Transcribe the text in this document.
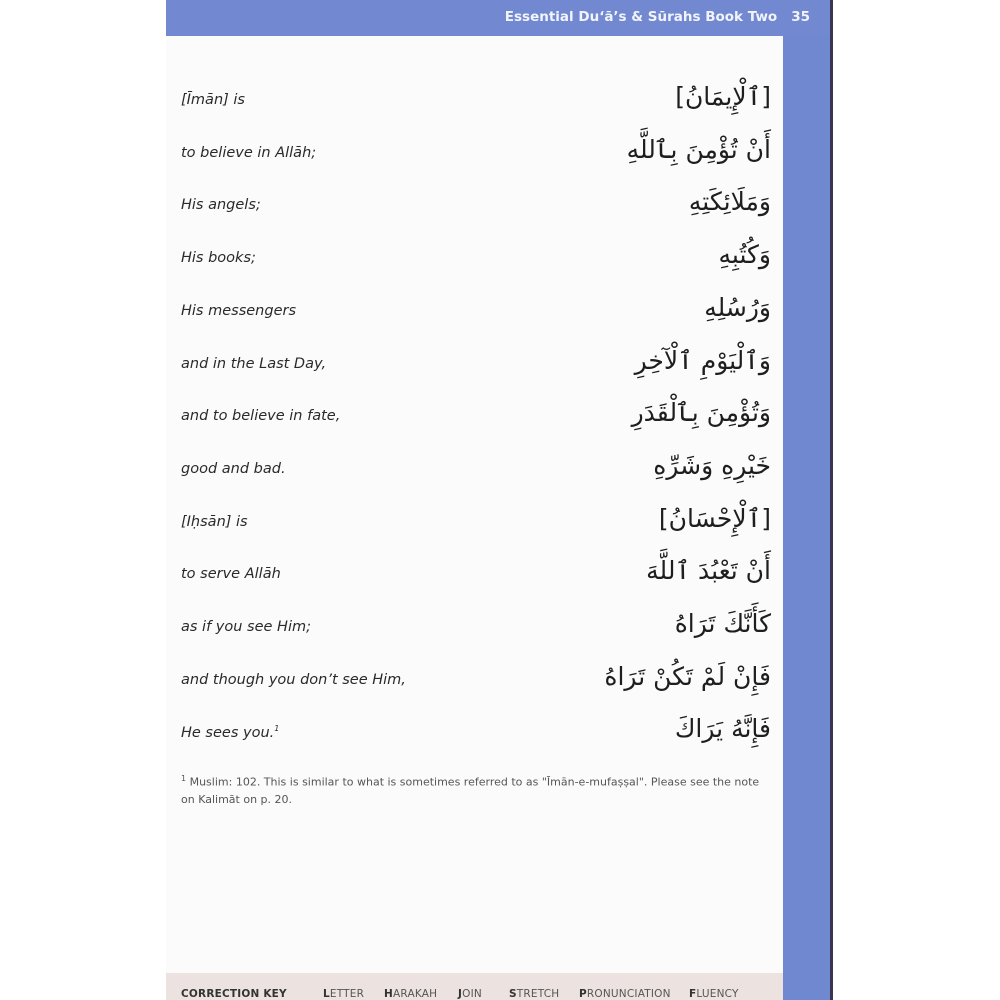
Essential Du‘ā’s & Sūrahs Book Two 35
[Īmān] is	[ٱلْإِيمَانُ]
to believe in Allāh;	أَنْ تُؤْمِنَ بِٱللَّهِ
His angels;	وَمَلَائِكَتِهِ
His books;	وَكُتُبِهِ
His messengers	وَرُسُلِهِ
and in the Last Day,	وَٱلْيَوْمِ ٱلْآخِرِ
and to believe in fate,	وَتُؤْمِنَ بِٱلْقَدَرِ
good and bad.	خَيْرِهِ وَشَرِّهِ
[Iḥsān] is	[ٱلْإِحْسَانُ]
to serve Allāh	أَنْ تَعْبُدَ ٱللَّهَ
as if you see Him;	كَأَنَّكَ تَرَاهُ
and though you don’t see Him,	فَإِنْ لَمْ تَكُنْ تَرَاهُ
He sees you.$^1$	فَإِنَّهُ يَرَاكَ
$^1$ Muslim: 102. This is similar to what is sometimes referred to as "Īmān-e-mufaṣṣal". Please see the note on Kalimāt on p. 20.
CORRECTION KEY	LETTER HARAKAH JOIN	STRETCH PRONUNCIATION FLUENCY
